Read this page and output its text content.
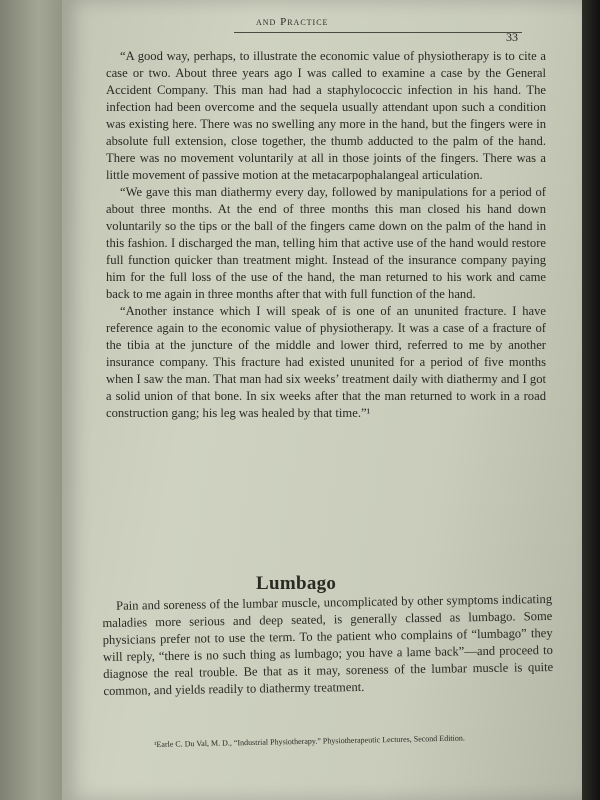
and Practice
33

“A good way, perhaps, to illustrate the economic value of physiotherapy is to cite a case or two. About three years ago I was called to examine a case by the General Accident Company. This man had had a staphylococcic infection in his hand. The infection had been overcome and the sequela usually attendant upon such a condition was existing here. There was no swelling any more in the hand, but the fingers were in absolute full extension, close together, the thumb adducted to the palm of the hand. There was no movement voluntarily at all in those joints of the fingers. There was a little movement of passive motion at the metacarpophalangeal articulation.

“We gave this man diathermy every day, followed by manipulations for a period of about three months. At the end of three months this man closed his hand down voluntarily so the tips or the ball of the fingers came down on the palm of the hand in this fashion. I discharged the man, telling him that active use of the hand would restore full function quicker than treatment might. Instead of the insurance company paying him for the full loss of the use of the hand, the man returned to his work and came back to me again in three months after that with full function of the hand.

“Another instance which I will speak of is one of an ununited fracture. I have reference again to the economic value of physiotherapy. It was a case of a fracture of the tibia at the juncture of the middle and lower third, referred to me by another insurance company. This fracture had existed ununited for a period of five months when I saw the man. That man had six weeks’ treatment daily with diathermy and I got a solid union of that bone. In six weeks after that the man returned to work in a road construction gang; his leg was healed by that time.”¹

Lumbago

Pain and soreness of the lumbar muscle, uncomplicated by other symptoms indicating maladies more serious and deep seated, is generally classed as lumbago. Some physicians prefer not to use the term. To the patient who complains of “lumbago” they will reply, “there is no such thing as lumbago; you have a lame back”—and proceed to diagnose the real trouble. Be that as it may, soreness of the lumbar muscle is quite common, and yields readily to diathermy treatment.

¹Earle C. Du Val, M. D., “Industrial Physiotherapy.” Physiotherapeutic Lectures, Second Edition.
